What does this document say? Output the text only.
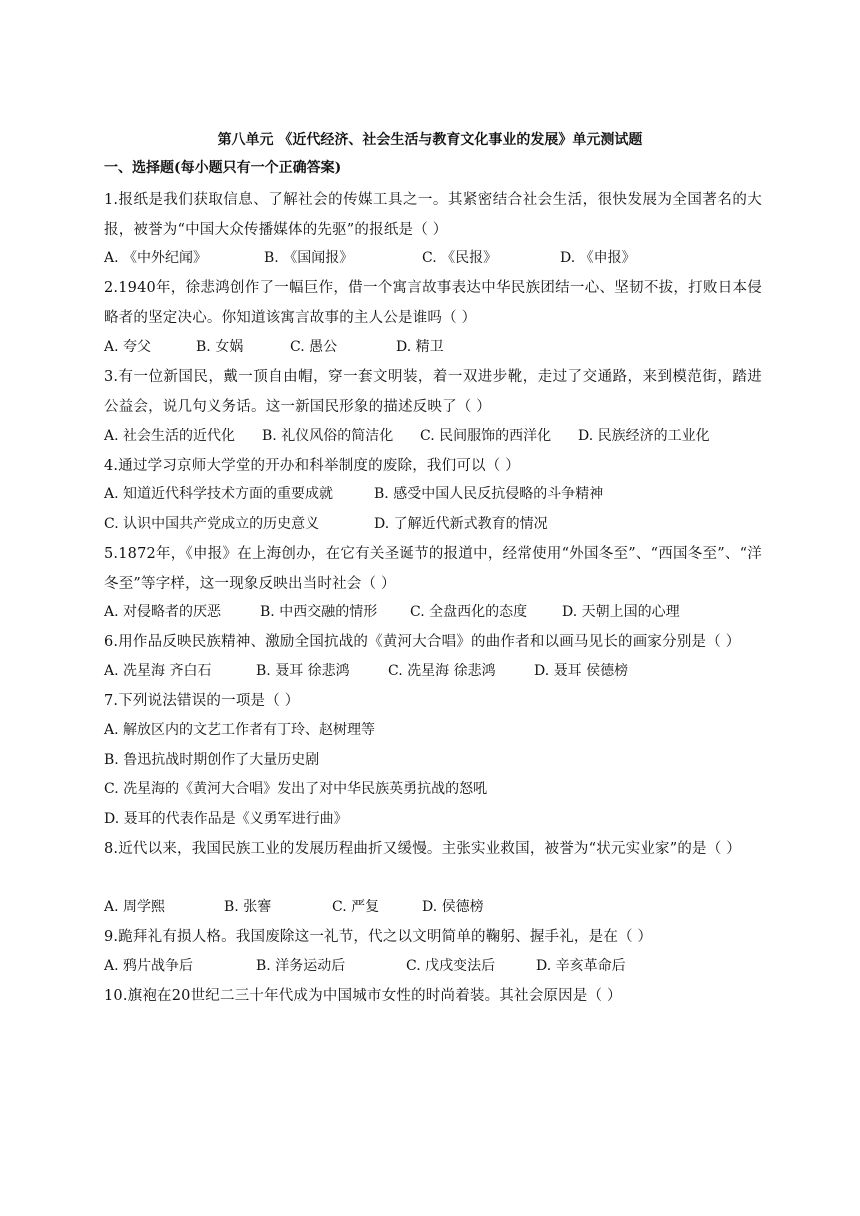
第八单元 《近代经济、社会生活与教育文化事业的发展》单元测试题
一、选择题(每小题只有一个正确答案)
1.报纸是我们获取信息、了解社会的传媒工具之一。其紧密结合社会生活，很快发展为全国著名的大报，被誉为“中国大众传播媒体的先驱”的报纸是（ ）
A. 《中外纪闻》	B. 《国闻报》	C. 《民报》	D. 《申报》
2.1940年，徐悲鸿创作了一幅巨作，借一个寓言故事表达中华民族团结一心、坚韧不拔，打败日本侵略者的坚定决心。你知道该寓言故事的主人公是谁吗（ ）
A. 夸父	B. 女娲	C. 愚公	D. 精卫
3.有一位新国民，戴一顶自由帽，穿一套文明装，着一双进步靴，走过了交通路，来到模范街，踏进公益会，说几句义务话。这一新国民形象的描述反映了（ ）
A. 社会生活的近代化 B. 礼仪风俗的简洁化 C. 民间服饰的西洋化 D. 民族经济的工业化
4.通过学习京师大学堂的开办和科举制度的废除，我们可以（ ）
A. 知道近代科学技术方面的重要成就	B. 感受中国人民反抗侵略的斗争精神
C. 认识中国共产党成立的历史意义	D. 了解近代新式教育的情况
5.1872年，《申报》在上海创办，在它有关圣诞节的报道中，经常使用“外国冬至”、“西国冬至”、“洋冬至”等字样，这一现象反映出当时社会（ ）
A. 对侵略者的厌恶	B. 中西交融的情形 C. 全盘西化的态度 D. 天朝上国的心理
6.用作品反映民族精神、激励全国抗战的《黄河大合唱》的曲作者和以画马见长的画家分别是（ ）
A. 冼星海 齐白石	B. 聂耳 徐悲鸿	C. 冼星海 徐悲鸿	D. 聂耳 侯德榜
7.下列说法错误的一项是（ ）
A. 解放区内的文艺工作者有丁玲、赵树理等
B. 鲁迅抗战时期创作了大量历史剧
C. 冼星海的《黄河大合唱》发出了对中华民族英勇抗战的怒吼
D. 聂耳的代表作品是《义勇军进行曲》
8.近代以来，我国民族工业的发展历程曲折又缓慢。主张实业救国，被誉为“状元实业家”的是（ ）
A. 周学熙	B. 张謇	C. 严复	D. 侯德榜
9.跪拜礼有损人格。我国废除这一礼节，代之以文明简单的鞠躬、握手礼，是在（ ）
A. 鸦片战争后	B. 洋务运动后	C. 戊戌变法后	D. 辛亥革命后
10.旗袍在20世纪二三十年代成为中国城市女性的时尚着装。其社会原因是（ ）
